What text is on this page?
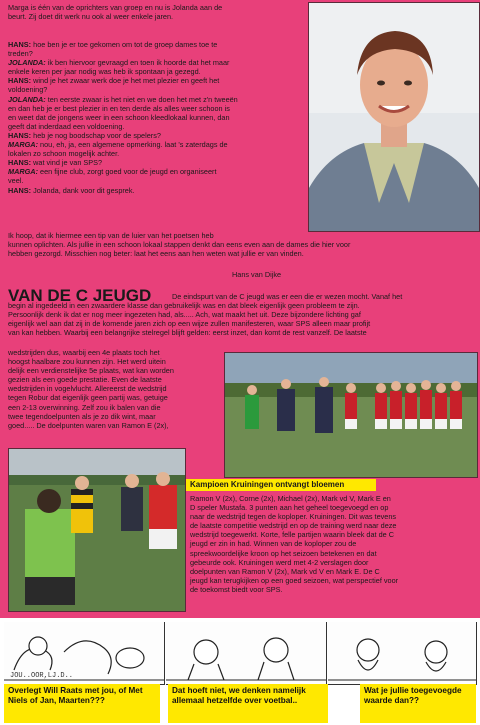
Marga is één van de oprichters van groep en nu is Jolanda aan de

beurt. Zij doet dit werk nu ook al weer enkele jaren.

HANS: hoe ben je er toe gekomen om tot de groep dames toe te

treden?

JOLANDA: ik ben hiervoor gevraagd en toen ik hoorde dat het maar

enkele keren per jaar nodig was heb ik spontaan ja gezegd.

HANS: wind je het zwaar werk doe je het met plezier en geeft het

voldoening?

JOLANDA: ten eerste zwaar is het niet en we doen het met z'n tweeën

en dan heb je er best plezier in en ten derde als alles weer schoon is

en weet dat de jongens weer in een schoon kleedlokaal kunnen, dan

geeft dat inderdaad een voldoening.

HANS: heb je nog boodschap voor de spelers?

MARGA: nou, eh, ja, een algemene opmerking. laat 's zaterdags de

lokalen zo schoon mogelijk achter.

HANS: wat vind je van SPS?

MARGA: een fijne club, zorgt goed voor de jeugd en organiseert

veel.

HANS: Jolanda, dank voor dit gesprek.

Ik hoop, dat ik hiermee een tip van de luier van het poetsen heb

kunnen oplichten. Als jullie in een schoon lokaal stappen denkt dan eens even aan de dames die hier voor

hebben gezorgd. Misschien nog beter: laat het eens aan hen weten wat jullie er van vinden.

Hans van Dijke
VAN DE C JEUGD	De eindspurt van de C jeugd was er een die er wezen mocht. Vanaf het

begin al ingedeeld in een zwaardere klasse dan gebruikelijk was en dat bleek eigenlijk geen probleem te zijn.

Persoonlijk denk ik dat er nog meer ingezeten had, als..... Ach, wat maakt het uit. Deze bijzondere lichting gaf

eigenlijk wel aan dat zij in de komende jaren zich op een wijze zullen manifesteren, waar SPS alleen maar profijt

van kan hebben. Waarbij een belangrijke stelregel blijft gelden: eerst inzet, dan komt de rest vanzelf. De laatste

wedstrijden dus, waarbij een 4e plaats toch het

hoogst haalbare zou kunnen zijn. Het werd uitein

delijk een verdienstelijke 5e plaats, wat kan worden

gezien als een goede prestatie. Even de laatste

wedstrijden in vogelvlucht. Allereerst de wedstrijd

tegen Robur dat eigenlijk geen partij was, getuige

een 2-13 overwinning. Zelf zou ik balen van die

twee tegendoelpunten als je zo dik wint, maar

goed..... De doelpunten waren van Ramon E (2x),

Kampioen Kruiningen ontvangt bloemen

Ramon V (2x), Corne (2x), Michael (2x), Mark vd V, Mark E en

D speler Mustafa. 3 punten aan het geheel toegevoegd en op

naar de wedstrijd tegen de koploper. Kruiningen. Dit was tevens

de laatste competitie wedstrijd en op de training werd naar deze

wedstrijd toegewerkt. Korte, felle partijen waarin bleek dat de C

jeugd er zin in had. Winnen van de koploper zou de

spreekwoordelijke kroon op het seizoen betekenen en dat

gebeurde ook. Kruiningen werd met 4-2 verslagen door

doelpunten van Ramon V (2x), Mark vd V en Mark E. De C

jeugd kan terugkijken op een goed seizoen, wat perspectief voor

de toekomst biedt voor SPS.

JOU..OOR,LJ.D..
Overlegt Will Raats met jou, of Met Niels of Jan, Maarten???
Dat hoeft niet, we denken namelijk allemaal hetzelfde over voetbal..
Wat je jullie toegevoegde waarde dan??
